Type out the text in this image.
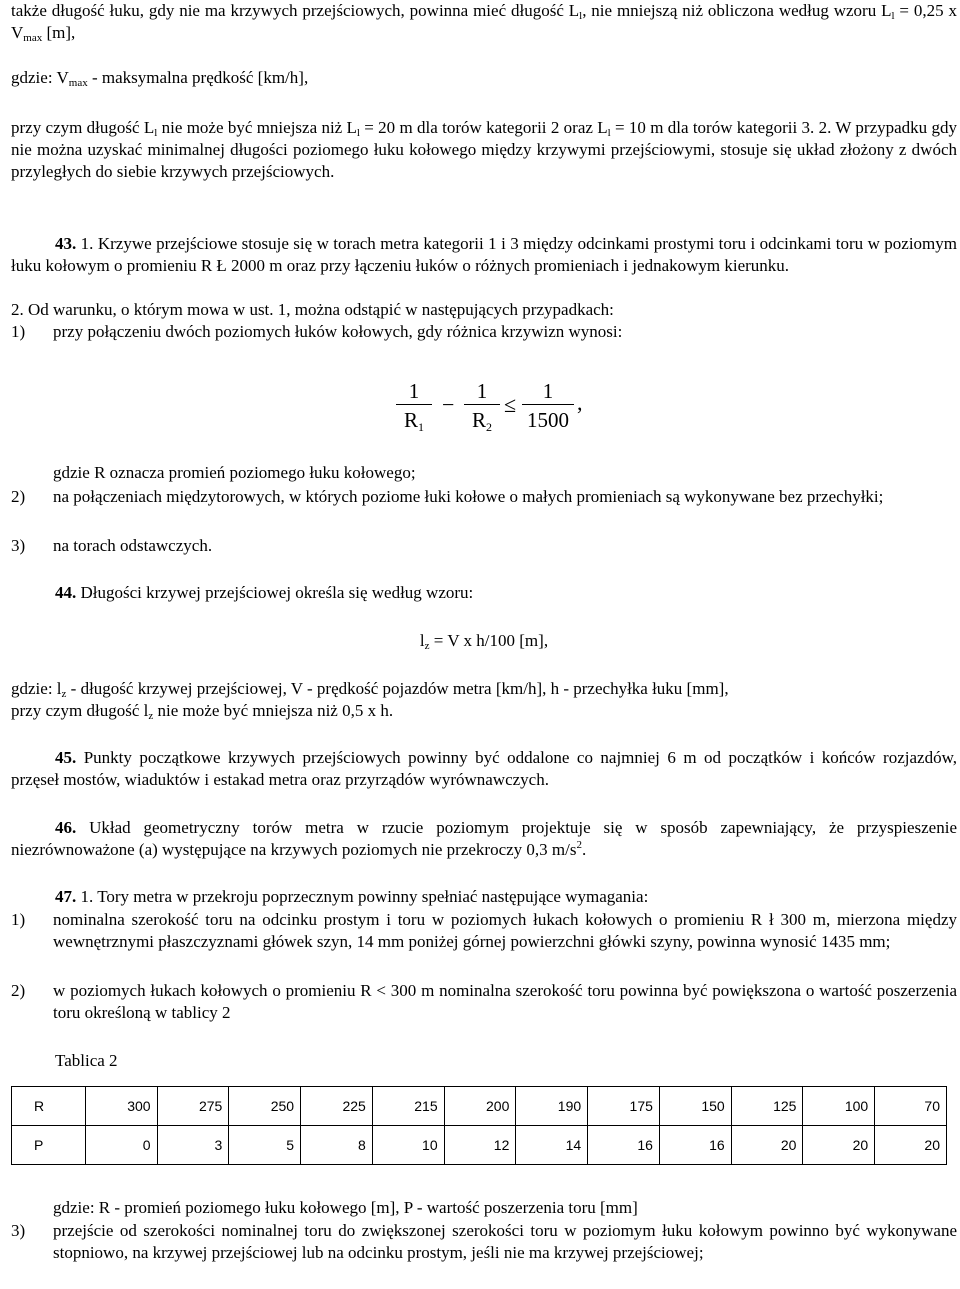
także długość łuku, gdy nie ma krzywych przejściowych, powinna mieć długość $L_l$, nie mniejszą niż obliczona według wzoru $L_l = 0,25$ x $V_{max}$ [m],

gdzie: $V_{max}$ - maksymalna prędkość [km/h],

przy czym długość $L_l$ nie może być mniejsza niż $L_l = 20$ m dla torów kategorii 2 oraz $L_l = 10$ m dla torów kategorii 3. 2. W przypadku gdy nie można uzyskać minimalnej długości poziomego łuku kołowego między krzywymi przejściowymi, stosuje się układ złożony z dwóch przyległych do siebie krzywych przejściowych.

43. 1. Krzywe przejściowe stosuje się w torach metra kategorii 1 i 3 między odcinkami prostymi toru i odcinkami toru w poziomym łuku kołowym o promieniu R Ł 2000 m oraz przy łączeniu łuków o różnych promieniach i jednakowym kierunku.

2. Od warunku, o którym mowa w ust. 1, można odstąpić w następujących przypadkach:

1)	przy połączeniu dwóch poziomych łuków kołowych, gdy różnica krzywizn wynosi:
1
$R_1$
−
1
$R_2$
≤
1
1500
,

gdzie R oznacza promień poziomego łuku kołowego;

2)	na połączeniach międzytorowych, w których poziome łuki kołowe o małych promieniach są wykonywane bez przechyłki;
3)	na torach odstawczych.

44. Długości krzywej przejściowej określa się według wzoru:

$l_z = V$ x h/100 [m],

gdzie: $l_z$ - długość krzywej przejściowej, V - prędkość pojazdów metra [km/h], h - przechyłka łuku [mm],

przy czym długość $l_z$ nie może być mniejsza niż 0,5 x h.

45. Punkty początkowe krzywych przejściowych powinny być oddalone co najmniej 6 m od początków i końców rozjazdów, przęseł mostów, wiaduktów i estakad metra oraz przyrządów wyrównawczych.

46. Układ geometryczny torów metra w rzucie poziomym projektuje się w sposób zapewniający, że przyspieszenie niezrównoważone (a) występujące na krzywych poziomych nie przekroczy 0,3 $m/s^2$.

47. 1. Tory metra w przekroju poprzecznym powinny spełniać następujące wymagania:

1)	nominalna szerokość toru na odcinku prostym i toru w poziomych łukach kołowych o promieniu R ł 300 m, mierzona między wewnętrznymi płaszczyznami główek szyn, 14 mm poniżej górnej powierzchni główki szyny, powinna wynosić 1435 mm;
2)	w poziomych łukach kołowych o promieniu R < 300 m nominalna szerokość toru powinna być powiększona o wartość poszerzenia toru określoną w tablicy 2

Tablica 2

R	300	275	250	225	215	200	190	175	150	125	100	70
P	0	3	5	8	10	12	14	16	16	20	20	20

gdzie: R - promień poziomego łuku kołowego [m], P - wartość poszerzenia toru [mm]

3)	przejście od szerokości nominalnej toru do zwiększonej szerokości toru w poziomym łuku kołowym powinno być wykonywane stopniowo, na krzywej przejściowej lub na odcinku prostym, jeśli nie ma krzywej przejściowej;
